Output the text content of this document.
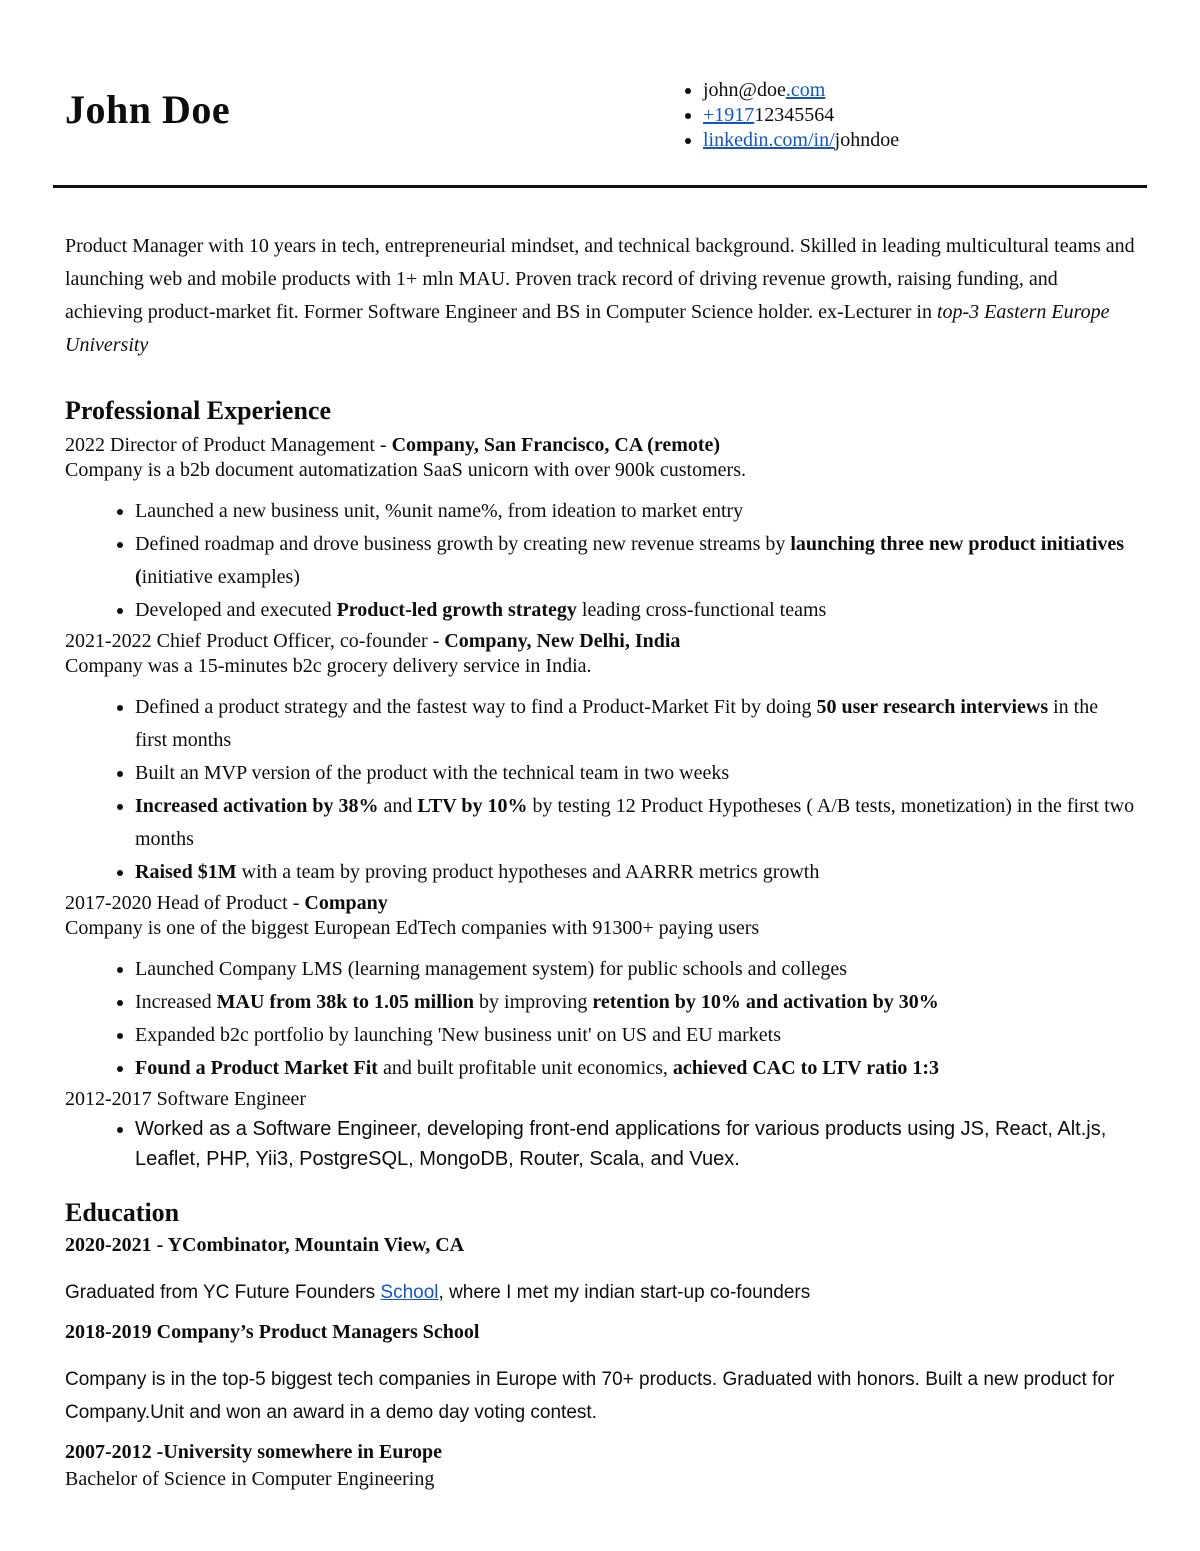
John Doe	• john@doe.com
• +191712345564
• linkedin.com/in/johndoe

Product Manager with 10 years in tech, entrepreneurial mindset, and technical background. Skilled in leading multicultural teams and launching web and mobile products with 1+ mln MAU. Proven track record of driving revenue growth, raising funding, and achieving product-market fit. Former Software Engineer and BS in Computer Science holder. ex-Lecturer in top-3 Eastern Europe University

Professional Experience

2022 Director of Product Management - Company, San Francisco, CA (remote)

Company is a b2b document automatization SaaS unicorn with over 900k customers.

• Launched a new business unit, %unit name%, from ideation to market entry
• Defined roadmap and drove business growth by creating new revenue streams by launching three new product initiatives (initiative examples)
• Developed and executed Product-led growth strategy leading cross-functional teams

2021-2022 Chief Product Officer, co-founder - Company, New Delhi, India

Company was a 15-minutes b2c grocery delivery service in India.

• Defined a product strategy and the fastest way to find a Product-Market Fit by doing 50 user research interviews in the first months
• Built an MVP version of the product with the technical team in two weeks
• Increased activation by 38% and LTV by 10% by testing 12 Product Hypotheses ( A/B tests, monetization) in the first two months
• Raised $1M with a team by proving product hypotheses and AARRR metrics growth

2017-2020 Head of Product - Company

Company is one of the biggest European EdTech companies with 91300+ paying users

• Launched Company LMS (learning management system) for public schools and colleges
• Increased MAU from 38k to 1.05 million by improving retention by 10% and activation by 30%
• Expanded b2c portfolio by launching 'New business unit' on US and EU markets
• Found a Product Market Fit and built profitable unit economics, achieved CAC to LTV ratio 1:3

2012-2017 Software Engineer

• Worked as a Software Engineer, developing front-end applications for various products using JS, React, Alt.js, Leaflet, PHP, Yii3, PostgreSQL, MongoDB, Router, Scala, and Vuex.
Education

2020-2021 - YCombinator, Mountain View, CA

Graduated from YC Future Founders School, where I met my indian start-up co-founders

2018-2019 Company’s Product Managers School

Company is in the top-5 biggest tech companies in Europe with 70+ products. Graduated with honors. Built a new product for Company.Unit and won an award in a demo day voting contest.

2007-2012 -University somewhere in Europe

Bachelor of Science in Computer Engineering
